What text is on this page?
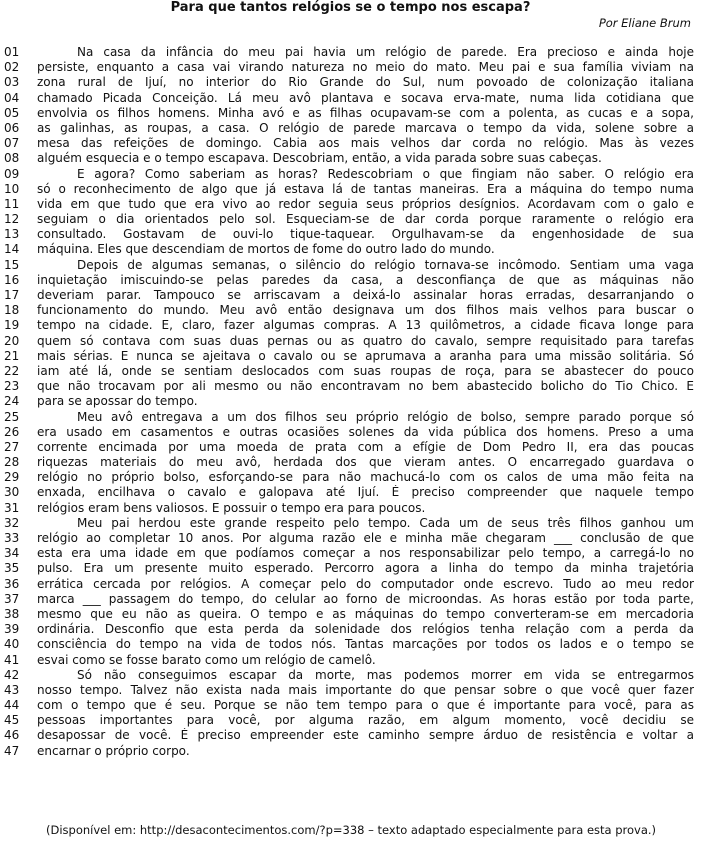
Para que tantos relógios se o tempo nos escapa?
Por Eliane Brum
01	Na casa da infância do meu pai havia um relógio de parede. Era precioso e ainda hoje
02	persiste, enquanto a casa vai virando natureza no meio do mato. Meu pai e sua família viviam na
03	zona rural de Ijuí, no interior do Rio Grande do Sul, num povoado de colonização italiana
04	chamado Picada Conceição. Lá meu avô plantava e socava erva-mate, numa lida cotidiana que
05	envolvia os filhos homens. Minha avó e as filhas ocupavam-se com a polenta, as cucas e a sopa,
06	as galinhas, as roupas, a casa. O relógio de parede marcava o tempo da vida, solene sobre a
07	mesa das refeições de domingo. Cabia aos mais velhos dar corda no relógio. Mas às vezes
08	alguém esquecia e o tempo escapava. Descobriam, então, a vida parada sobre suas cabeças.
09	E agora? Como saberiam as horas? Redescobriam o que fingiam não saber. O relógio era
10	só o reconhecimento de algo que já estava lá de tantas maneiras. Era a máquina do tempo numa
11	vida em que tudo que era vivo ao redor seguia seus próprios desígnios. Acordavam com o galo e
12	seguiam o dia orientados pelo sol. Esqueciam-se de dar corda porque raramente o relógio era
13	consultado. Gostavam de ouvi-lo tique-taquear. Orgulhavam-se da engenhosidade de sua
14	máquina. Eles que descendiam de mortos de fome do outro lado do mundo.
15	Depois de algumas semanas, o silêncio do relógio tornava-se incômodo. Sentiam uma vaga
16	inquietação imiscuindo-se pelas paredes da casa, a desconfiança de que as máquinas não
17	deveriam parar. Tampouco se arriscavam a deixá-lo assinalar horas erradas, desarranjando o
18	funcionamento do mundo. Meu avô então designava um dos filhos mais velhos para buscar o
19	tempo na cidade. E, claro, fazer algumas compras. A 13 quilômetros, a cidade ficava longe para
20	quem só contava com suas duas pernas ou as quatro do cavalo, sempre requisitado para tarefas
21	mais sérias. E nunca se ajeitava o cavalo ou se aprumava a aranha para uma missão solitária. Só
22	iam até lá, onde se sentiam deslocados com suas roupas de roça, para se abastecer do pouco
23	que não trocavam por ali mesmo ou não encontravam no bem abastecido bolicho do Tio Chico. E
24	para se apossar do tempo.
25	Meu avô entregava a um dos filhos seu próprio relógio de bolso, sempre parado porque só
26	era usado em casamentos e outras ocasiões solenes da vida pública dos homens. Preso a uma
27	corrente encimada por uma moeda de prata com a efígie de Dom Pedro II, era das poucas
28	riquezas materiais do meu avô, herdada dos que vieram antes. O encarregado guardava o
29	relógio no próprio bolso, esforçando-se para não machucá-lo com os calos de uma mão feita na
30	enxada, encilhava o cavalo e galopava até Ijuí. É preciso compreender que naquele tempo
31	relógios eram bens valiosos. E possuir o tempo era para poucos.
32	Meu pai herdou este grande respeito pelo tempo. Cada um de seus três filhos ganhou um
33	relógio ao completar 10 anos. Por alguma razão ele e minha mãe chegaram ___ conclusão de que
34	esta era uma idade em que podíamos começar a nos responsabilizar pelo tempo, a carregá-lo no
35	pulso. Era um presente muito esperado. Percorro agora a linha do tempo da minha trajetória
36	errática cercada por relógios. A começar pelo do computador onde escrevo. Tudo ao meu redor
37	marca ___ passagem do tempo, do celular ao forno de microondas. As horas estão por toda parte,
38	mesmo que eu não as queira. O tempo e as máquinas do tempo converteram-se em mercadoria
39	ordinária. Desconfio que esta perda da solenidade dos relógios tenha relação com a perda da
40	consciência do tempo na vida de todos nós. Tantas marcações por todos os lados e o tempo se
41	esvai como se fosse barato como um relógio de camelô.
42	Só não conseguimos escapar da morte, mas podemos morrer em vida se entregarmos
43	nosso tempo. Talvez não exista nada mais importante do que pensar sobre o que você quer fazer
44	com o tempo que é seu. Porque se não tem tempo para o que é importante para você, para as
45	pessoas importantes para você, por alguma razão, em algum momento, você decidiu se
46	desapossar de você. É preciso empreender este caminho sempre árduo de resistência e voltar a
47	encarnar o próprio corpo.
(Disponível em: http://desacontecimentos.com/?p=338 – texto adaptado especialmente para esta prova.)
